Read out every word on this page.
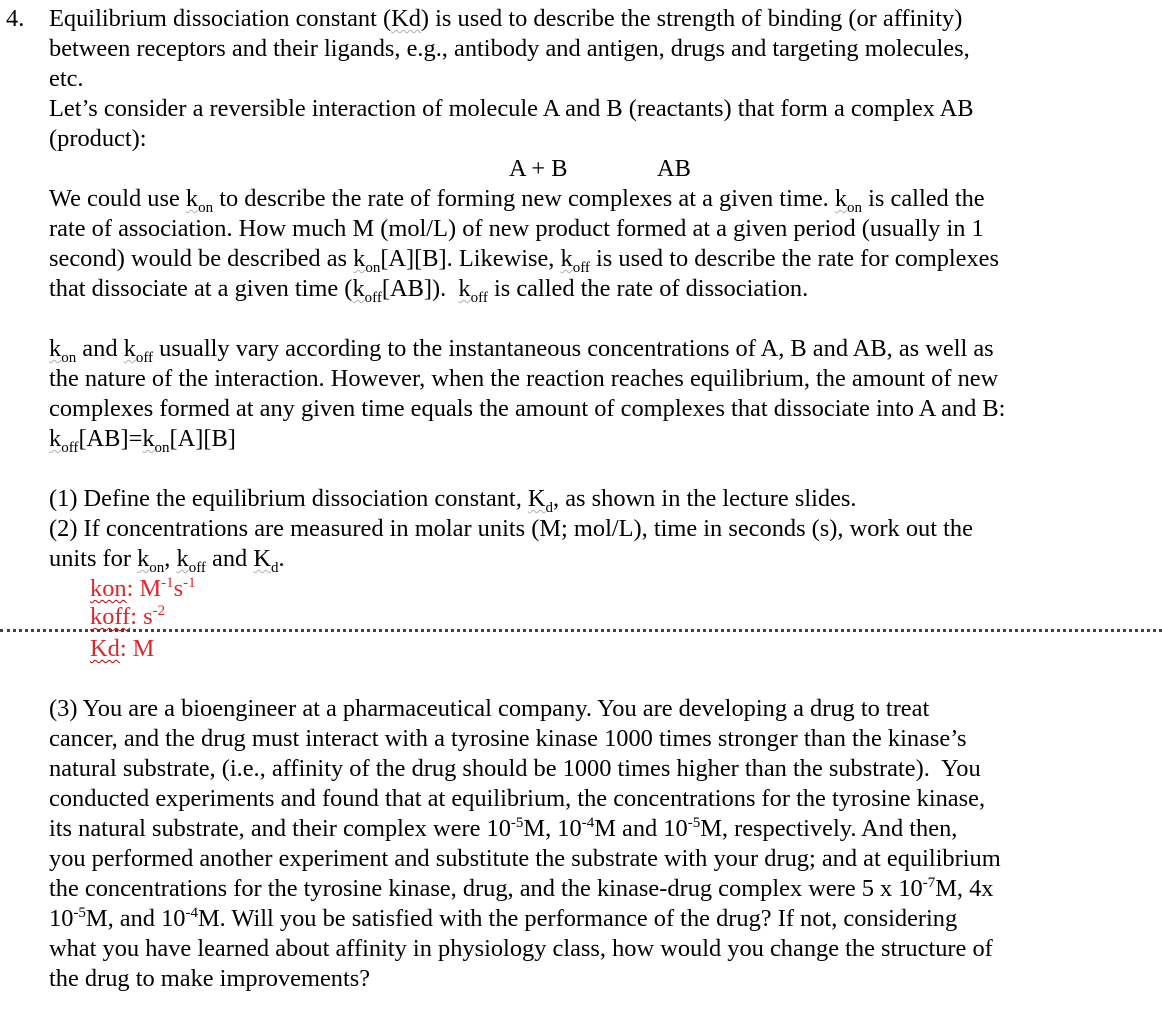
4. Equilibrium dissociation constant (Kd) is used to describe the strength of binding (or affinity)
between receptors and their ligands, e.g., antibody and antigen, drugs and targeting molecules,
etc.
Let’s consider a reversible interaction of molecule A and B (reactants) that form a complex AB
(product):
A + B	AB
We could use $k_{on}$ to describe the rate of forming new complexes at a given time. $k_{on}$ is called the
rate of association. How much M (mol/L) of new product formed at a given period (usually in 1
second) would be described as $k_{on}[A][B]$. Likewise, $k_{off}$ is used to describe the rate for complexes
that dissociate at a given time $(k_{off}[AB])$.  $k_{off}$ is called the rate of dissociation.
$k_{on}$ and $k_{off}$ usually vary according to the instantaneous concentrations of A, B and AB, as well as
the nature of the interaction. However, when the reaction reaches equilibrium, the amount of new
complexes formed at any given time equals the amount of complexes that dissociate into A and B:
$k_{off}[AB]=k_{on}[A][B]$
(1) Define the equilibrium dissociation constant, $K_d$, as shown in the lecture slides.
(2) If concentrations are measured in molar units (M; mol/L), time in seconds (s), work out the
units for $k_{on}$, $k_{off}$ and $K_d$.
kon: $M^{-1}s^{-1}$
koff: $s^{-2}$
Kd: M
(3) You are a bioengineer at a pharmaceutical company. You are developing a drug to treat
cancer, and the drug must interact with a tyrosine kinase 1000 times stronger than the kinase’s
natural substrate, (i.e., affinity of the drug should be 1000 times higher than the substrate).  You
conducted experiments and found that at equilibrium, the concentrations for the tyrosine kinase,
its natural substrate, and their complex were $10^{-5}M$, $10^{-4}M$ and $10^{-5}M$, respectively. And then,
you performed another experiment and substitute the substrate with your drug; and at equilibrium
the concentrations for the tyrosine kinase, drug, and the kinase-drug complex were 5 x $10^{-7}M$, 4x
$10^{-5}M$, and $10^{-4}M$. Will you be satisfied with the performance of the drug? If not, considering
what you have learned about affinity in physiology class, how would you change the structure of
the drug to make improvements?
